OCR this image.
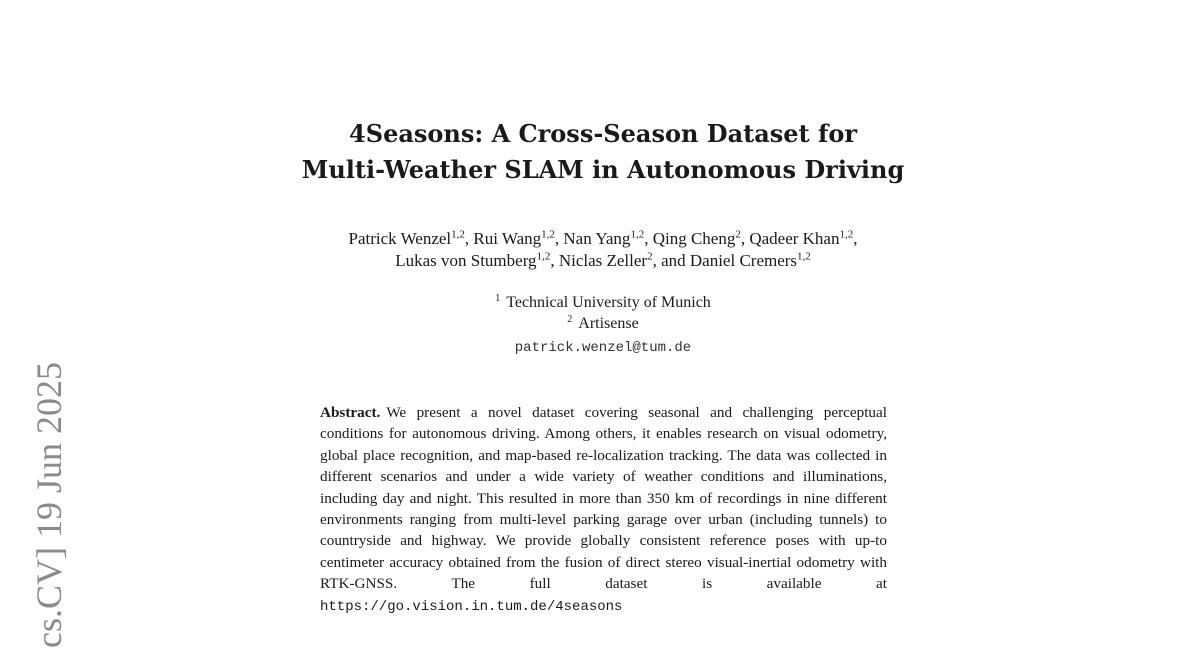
cs.CV] 19 Jun 2025
4Seasons: A Cross-Season Dataset for
Multi-Weather SLAM in Autonomous Driving
Patrick Wenzel$^{1,2}$, Rui Wang$^{1,2}$, Nan Yang$^{1,2}$, Qing Cheng$^2$, Qadeer Khan$^{1,2}$,
Lukas von Stumberg$^{1,2}$, Niclas Zeller$^2$, and Daniel Cremers$^{1,2}$
$^1$ Technical University of Munich
$^2$ Artisense
patrick.wenzel@tum.de
Abstract. We present a novel dataset covering seasonal and challenging perceptual conditions for autonomous driving. Among others, it enables research on visual odometry, global place recognition, and map-based re-localization tracking. The data was collected in different scenarios and under a wide variety of weather conditions and illuminations, including day and night. This resulted in more than 350 km of recordings in nine different environments ranging from multi-level parking garage over urban (including tunnels) to countryside and highway. We provide globally consistent reference poses with up-to centimeter accuracy obtained from the fusion of direct stereo visual-inertial odometry with RTK-GNSS. The full dataset is available at https://go.vision.in.tum.de/4seasons
